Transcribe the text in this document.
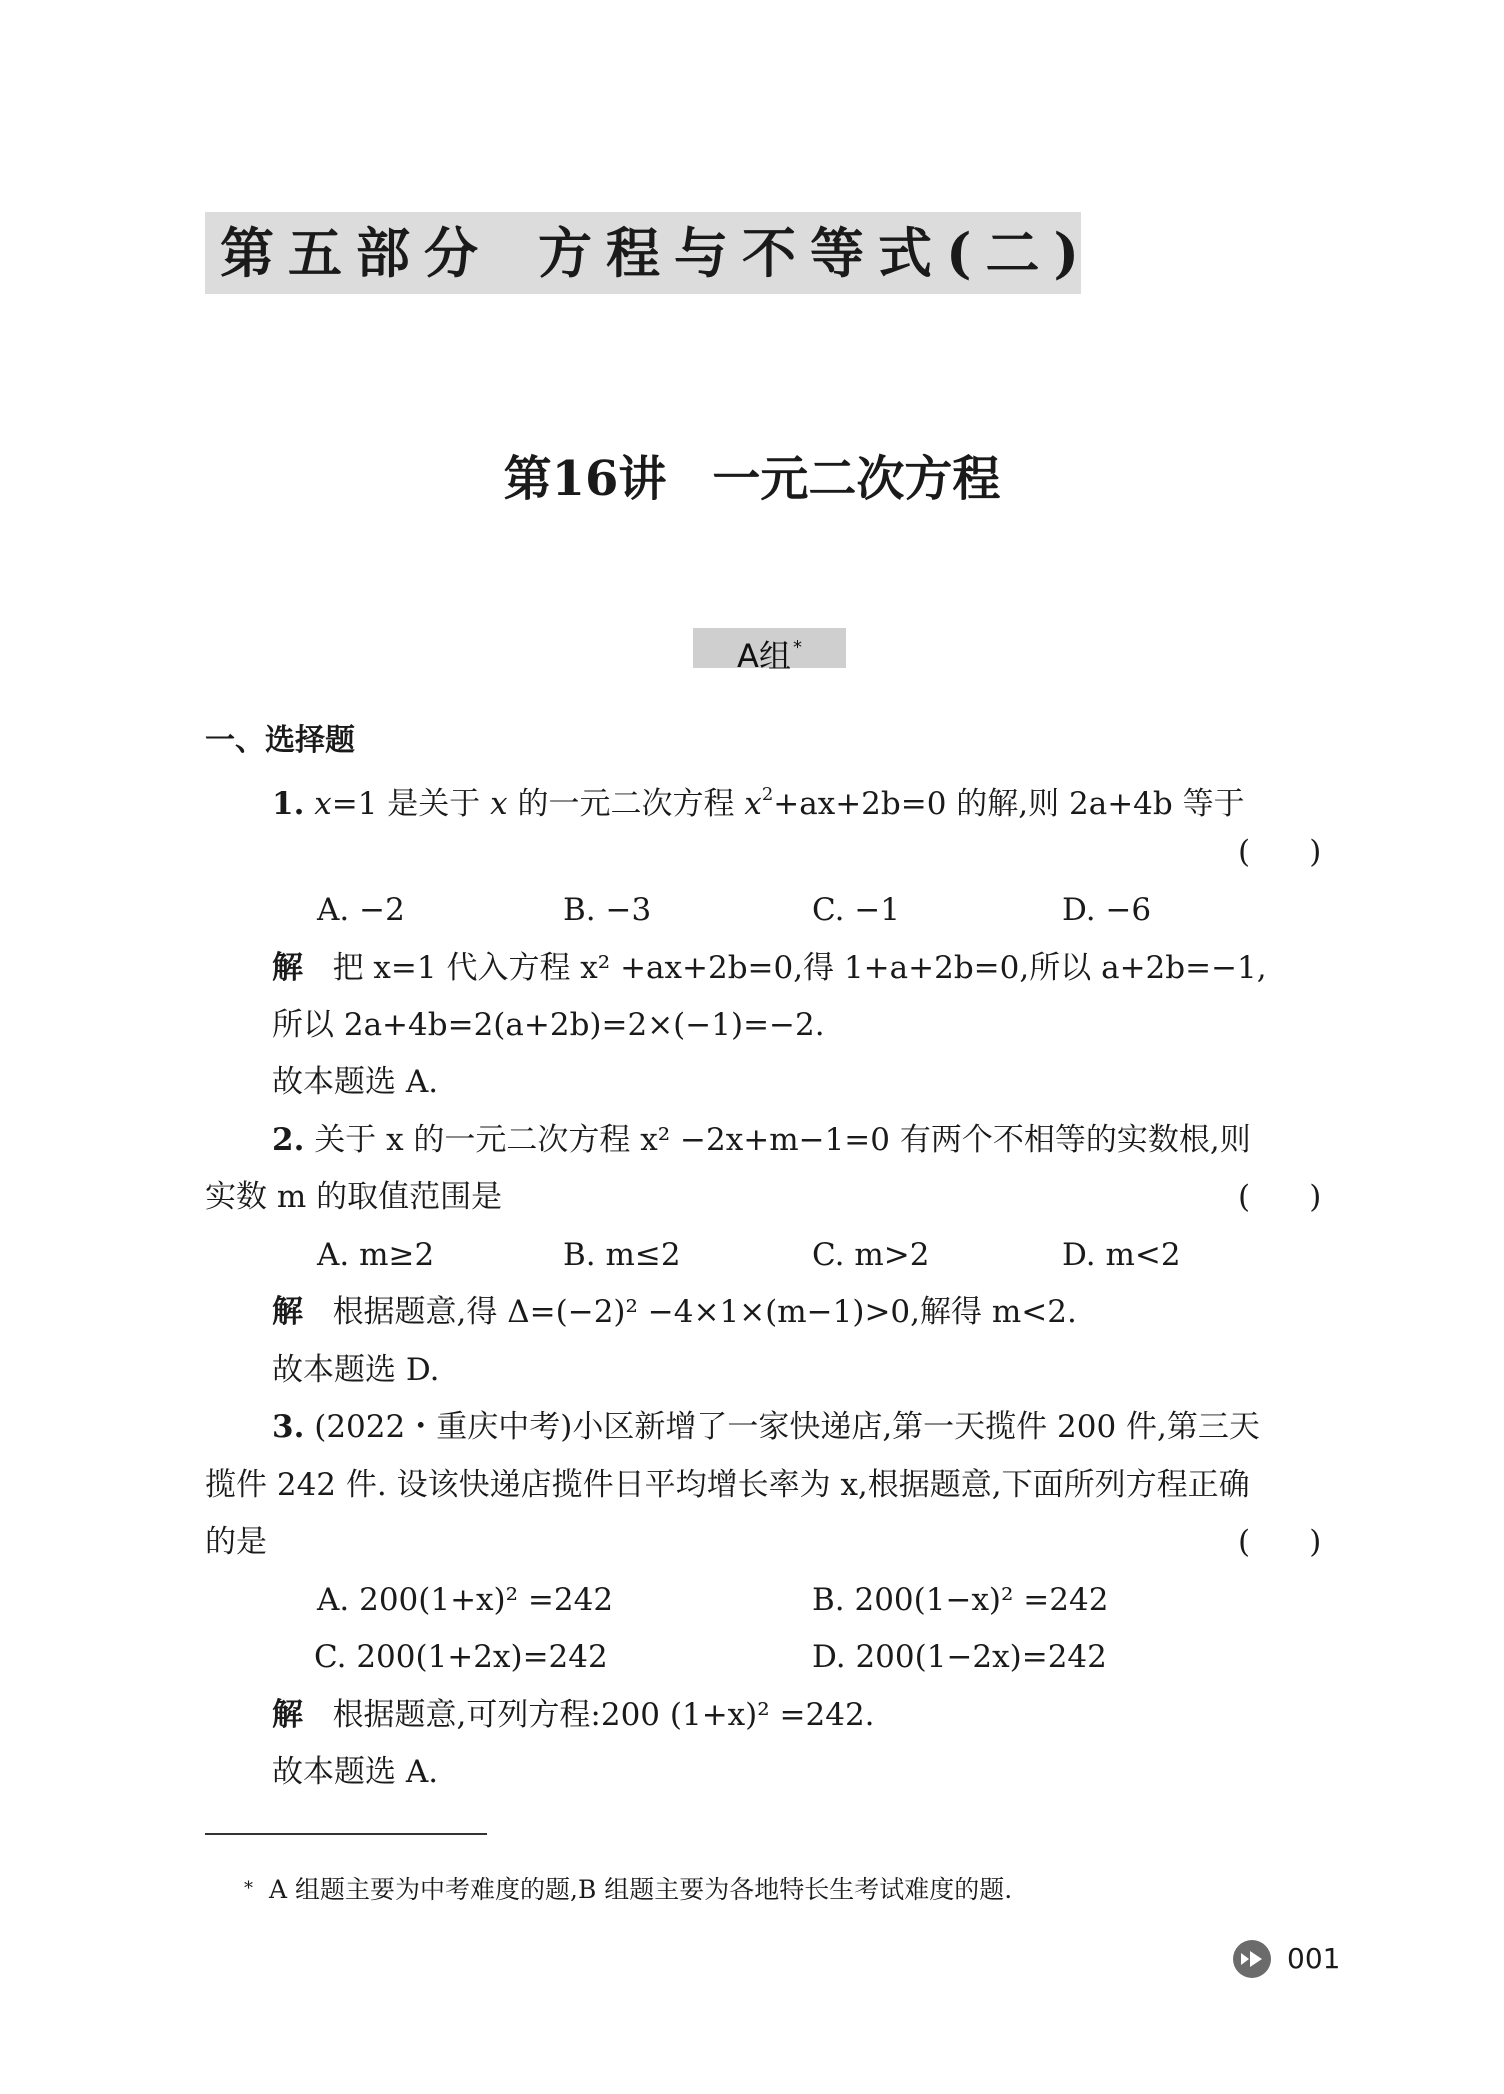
第五部分 方程与不等式(二)
第16讲 一元二次方程
A组 *
一、选择题
1. x=1 是关于 x 的一元二次方程 $x^2+ax+2b=0$ 的解,则 2a+4b 等于
(      )
A. −2	B. −3	C. −1	D. −6
解 把 x=1 代入方程 x² +ax+2b=0,得 1+a+2b=0,所以 a+2b=−1,
所以 2a+4b=2(a+2b)=2×(−1)=−2.
故本题选 A.
2. 关于 x 的一元二次方程 x² −2x+m−1=0 有两个不相等的实数根,则
实数 m 的取值范围是	(      )
A. m≥2	B. m≤2	C. m>2	D. m<2
解 根据题意,得 Δ=(−2)² −4×1×(m−1)>0,解得 m<2.
故本题选 D.
3. (2022・重庆中考)小区新增了一家快递店,第一天揽件 200 件,第三天
揽件 242 件. 设该快递店揽件日平均增长率为 x,根据题意,下面所列方程正确
的是	(      )
A. 200(1+x)² =242	B. 200(1−x)² =242
C. 200(1+2x)=242	D. 200(1−2x)=242
解 根据题意,可列方程:200 (1+x)² =242.
故本题选 A.
* A 组题主要为中考难度的题,B 组题主要为各地特长生考试难度的题.
001
